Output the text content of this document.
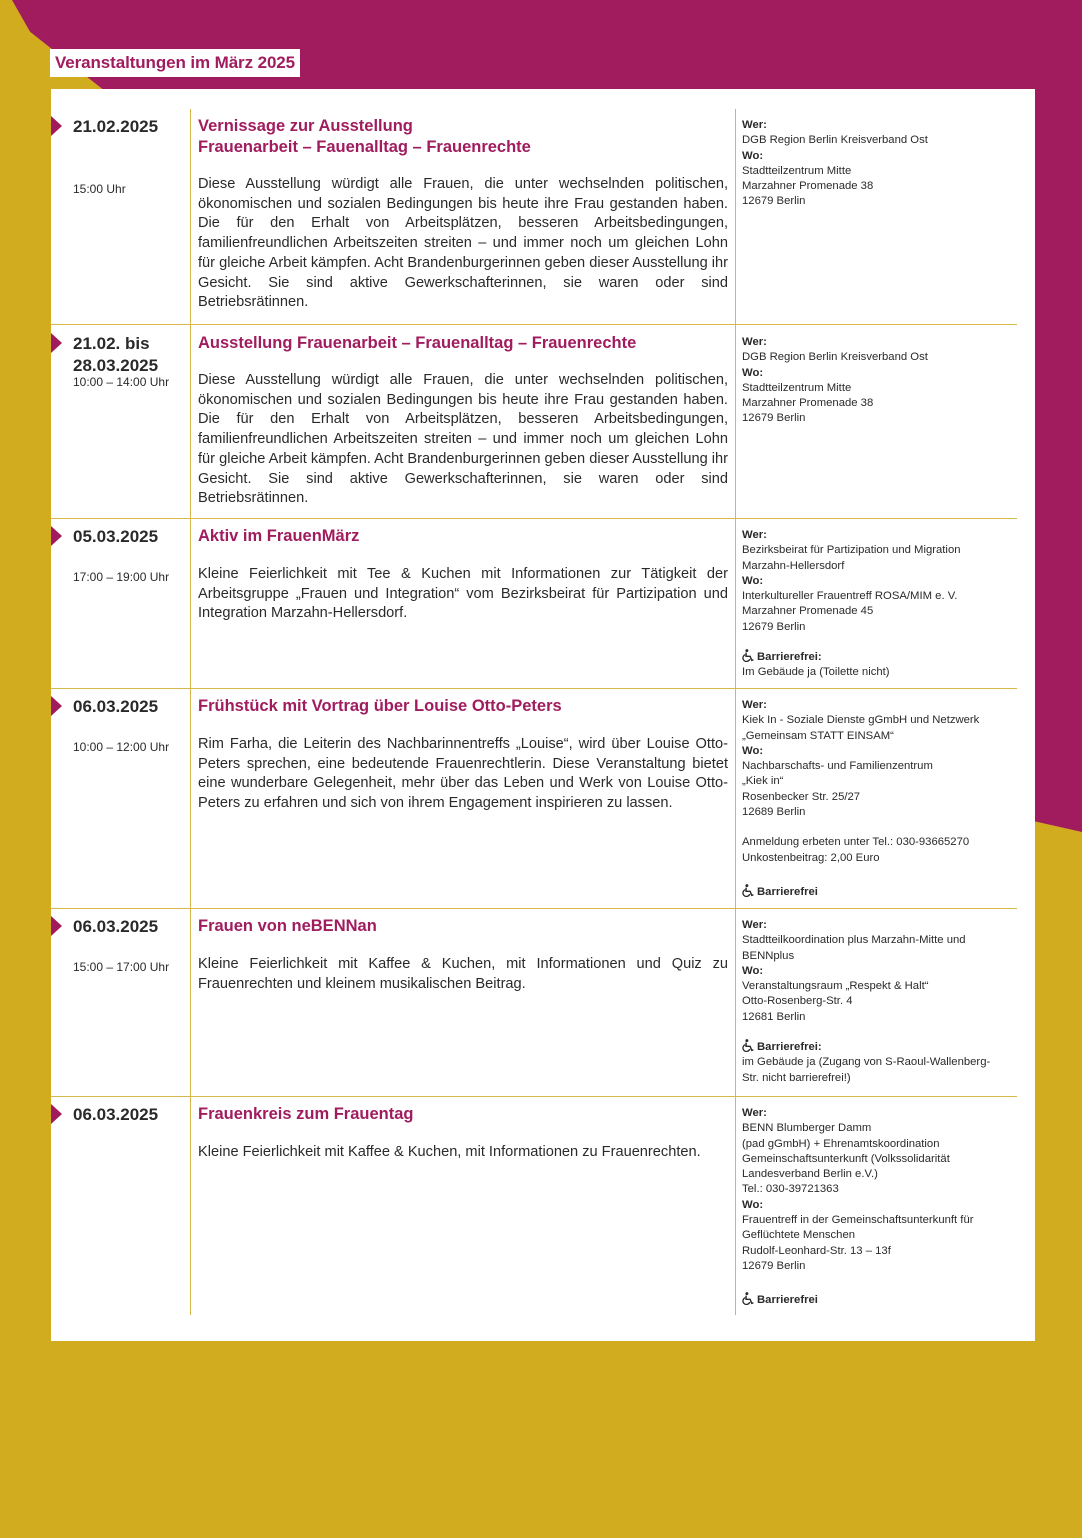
Veranstaltungen im März 2025
21.02.2025
15:00 Uhr
Vernissage zur Ausstellung
Frauenarbeit – Fauenalltag – Frauenrechte
Diese Ausstellung würdigt alle Frauen, die unter wechselnden politischen, ökonomischen und sozialen Bedingungen bis heute ihre Frau gestanden haben. Die für den Erhalt von Arbeitsplätzen, besseren Arbeitsbedingungen, familienfreundlichen Arbeitszeiten streiten – und immer noch um gleichen Lohn für gleiche Arbeit kämpfen. Acht Brandenburgerinnen geben dieser Ausstellung ihr Gesicht. Sie sind aktive Gewerkschafterinnen, sie waren oder sind Betriebsrätinnen.
Wer:
DGB Region Berlin Kreisverband Ost
Wo:
Stadtteilzentrum Mitte
Marzahner Promenade 38
12679 Berlin
21.02. bis
28.03.2025
10:00 – 14:00 Uhr
Ausstellung Frauenarbeit – Frauenalltag – Frauenrechte
Diese Ausstellung würdigt alle Frauen, die unter wechselnden politischen, ökonomischen und sozialen Bedingungen bis heute ihre Frau gestanden haben. Die für den Erhalt von Arbeitsplätzen, besseren Arbeitsbedingungen, familienfreundlichen Arbeitszeiten streiten – und immer noch um gleichen Lohn für gleiche Arbeit kämpfen. Acht Brandenburgerinnen geben dieser Ausstellung ihr Gesicht. Sie sind aktive Gewerkschafterinnen, sie waren oder sind Betriebsrätinnen.
Wer:
DGB Region Berlin Kreisverband Ost
Wo:
Stadtteilzentrum Mitte
Marzahner Promenade 38
12679 Berlin
05.03.2025
17:00 – 19:00 Uhr
Aktiv im FrauenMärz
Kleine Feierlichkeit mit Tee & Kuchen mit Informationen zur Tätigkeit der Arbeitsgruppe „Frauen und Integration“ vom Bezirksbeirat für Partizipation und Integration Marzahn-Hellersdorf.
Wer:
Bezirksbeirat für Partizipation und Migration
Marzahn-Hellersdorf
Wo:
Interkultureller Frauentreff ROSA/MIM e. V.
Marzahner Promenade 45
12679 Berlin
Barrierefrei:
Im Gebäude ja (Toilette nicht)
06.03.2025
10:00 – 12:00 Uhr
Frühstück mit Vortrag über Louise Otto-Peters
Rim Farha, die Leiterin des Nachbarinnentreffs „Louise“, wird über Louise Otto-Peters sprechen, eine bedeutende Frauenrechtlerin. Diese Veranstaltung bietet eine wunderbare Gelegenheit, mehr über das Leben und Werk von Louise Otto-Peters zu erfahren und sich von ihrem Engagement inspirieren zu lassen.
Wer:
Kiek In - Soziale Dienste gGmbH und Netzwerk
„Gemeinsam STATT EINSAM“
Wo:
Nachbarschafts- und Familienzentrum
„Kiek in“
Rosenbecker Str. 25/27
12689 Berlin
Anmeldung erbeten unter Tel.: 030-93665270
Unkostenbeitrag: 2,00 Euro
Barrierefrei
06.03.2025
15:00 – 17:00 Uhr
Frauen von neBENNan
Kleine Feierlichkeit mit Kaffee & Kuchen, mit Informationen und Quiz zu Frauenrechten und kleinem musikalischen Beitrag.
Wer:
Stadtteilkoordination plus Marzahn-Mitte und
BENNplus
Wo:
Veranstaltungsraum „Respekt & Halt“
Otto-Rosenberg-Str. 4
12681 Berlin
Barrierefrei:
im Gebäude ja (Zugang von S-Raoul-Wallenberg-Str. nicht barrierefrei!)
06.03.2025	Frauenkreis zum Frauentag
Kleine Feierlichkeit mit Kaffee & Kuchen, mit Informationen zu Frauenrechten.
Wer:
BENN Blumberger Damm
(pad gGmbH) + Ehrenamtskoordination Gemeinschaftsunterkunft (Volkssolidarität Landesverband Berlin e.V.)
Tel.: 030-39721363
Wo:
Frauentreff in der Gemeinschaftsunterkunft für Geflüchtete Menschen
Rudolf-Leonhard-Str. 13 – 13f
12679 Berlin
Barrierefrei
